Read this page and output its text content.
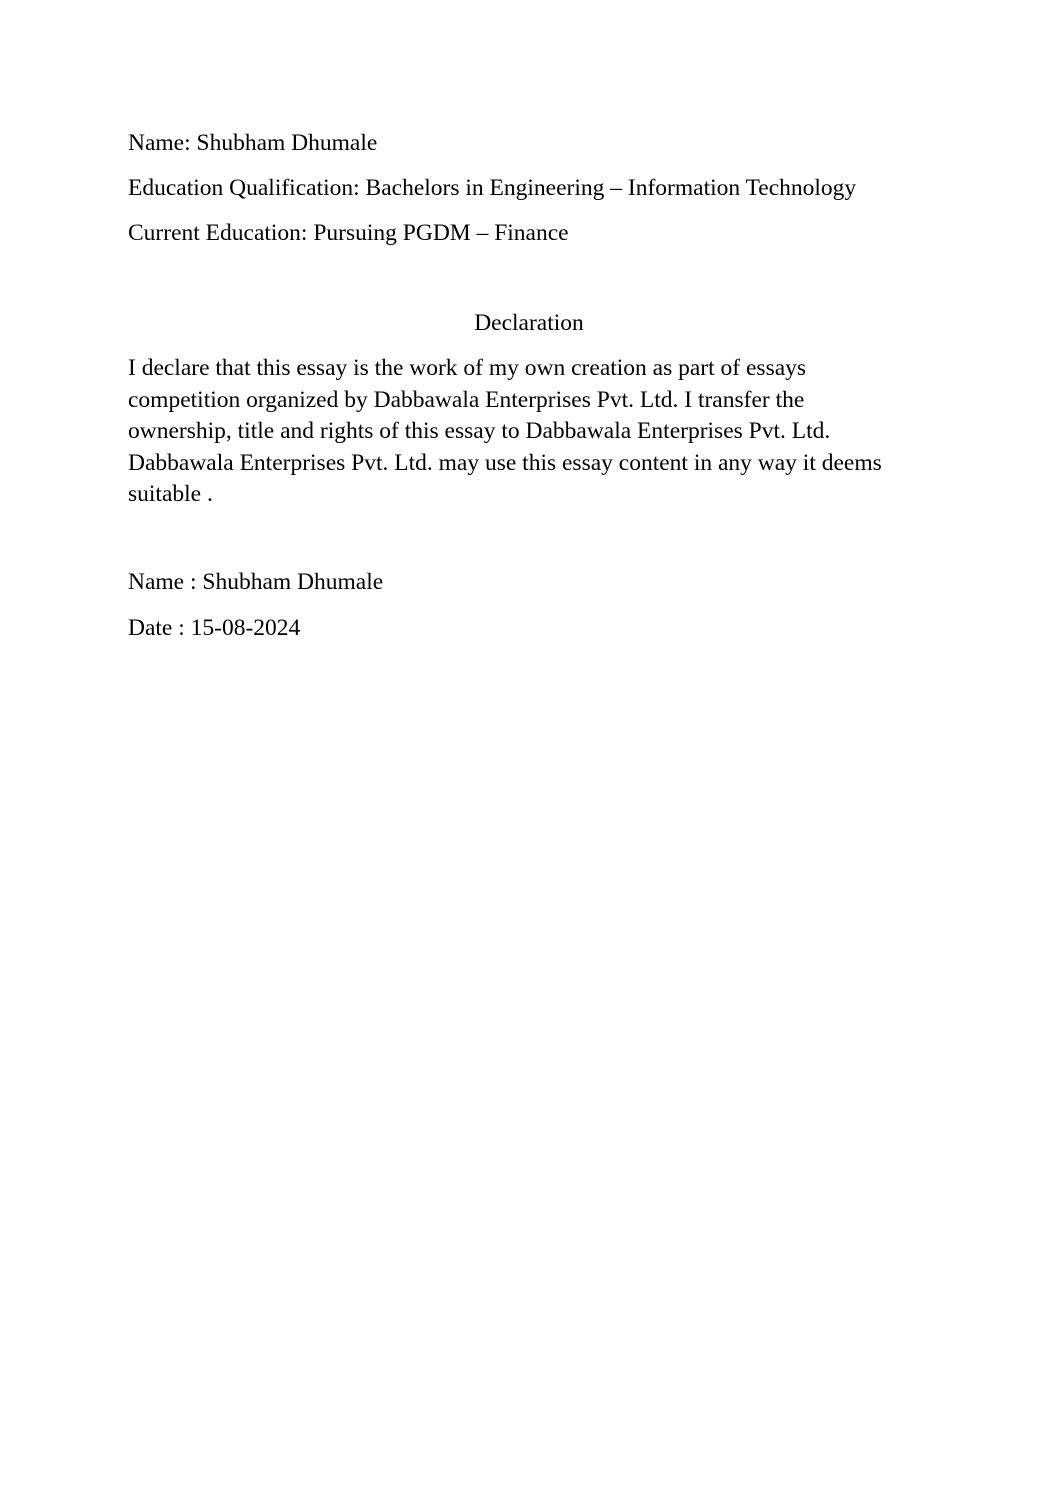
Name: Shubham Dhumale
Education Qualification: Bachelors in Engineering – Information Technology
Current Education: Pursuing PGDM – Finance
Declaration
I declare that this essay is the work of my own creation as part of essays
competition organized by Dabbawala Enterprises Pvt. Ltd. I transfer the
ownership, title and rights of this essay to Dabbawala Enterprises Pvt. Ltd.
Dabbawala Enterprises Pvt. Ltd. may use this essay content in any way it deems
suitable .
Name : Shubham Dhumale
Date : 15-08-2024
